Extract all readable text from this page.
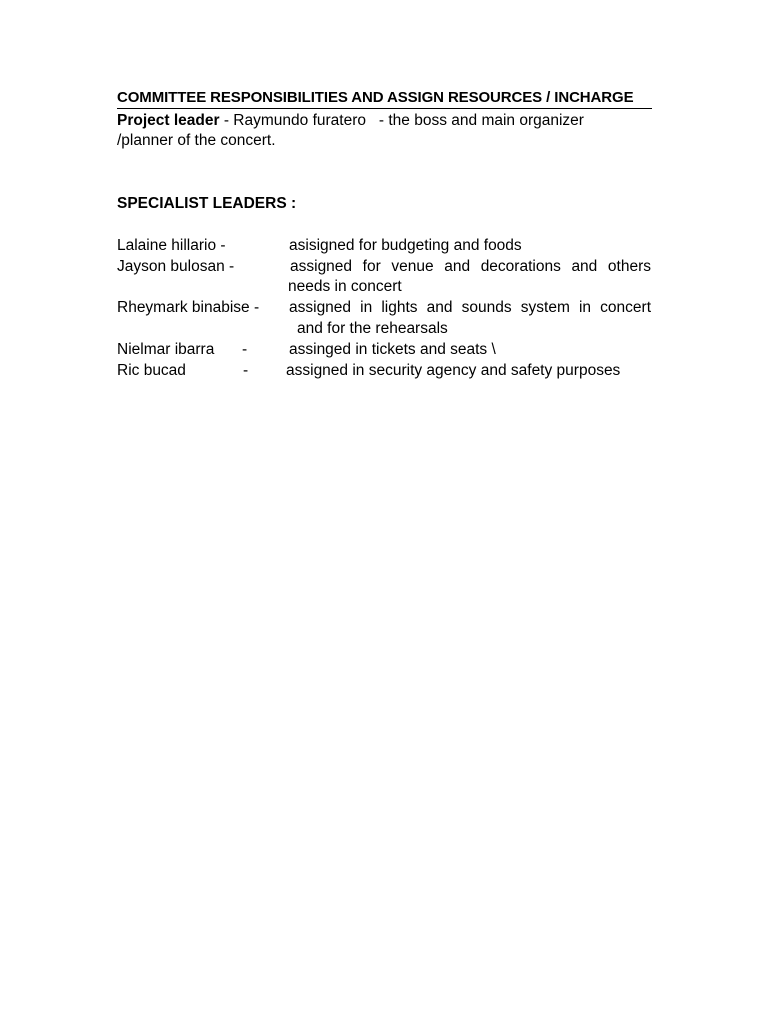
COMMITTEE RESPONSIBILITIES AND ASSIGN RESOURCES / INCHARGE
Project leader - Raymundo furatero   - the boss and main organizer
/planner of the concert.
SPECIALIST LEADERS :
Lalaine hillario -	asisigned for budgeting and foods
Jayson bulosan -	assigned for venue and decorations and others
needs in concert
Rheymark binabise - assigned in lights and sounds system in concert
and for the rehearsals
Nielmar ibarra -	assinged in tickets and seats \
Ric bucad	- assigned in security agency and safety purposes
